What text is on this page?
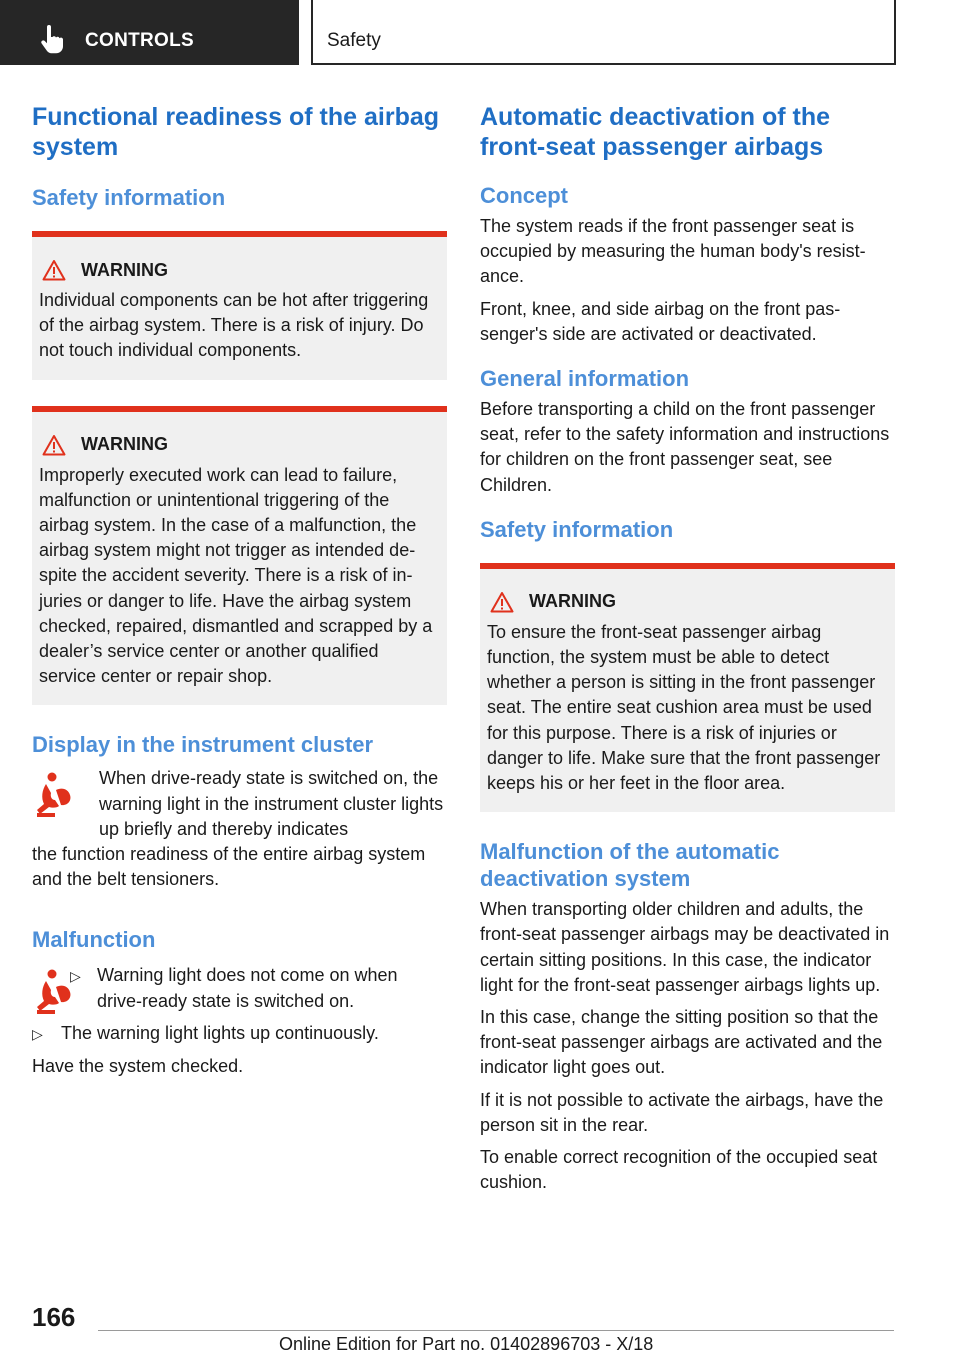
CONTROLS	Safety
Functional readiness of the airbag system
Safety information
WARNING

Individual components can be hot after triggering of the airbag system. There is a risk of injury. Do not touch individual components.

WARNING

Improperly executed work can lead to failure, malfunction or unintentional triggering of the airbag system. In the case of a malfunction, the airbag system might not trigger as intended despite the accident severity. There is a risk of injuries or danger to life. Have the airbag system checked, repaired, dismantled and scrapped by a dealer’s service center or another qualified service center or repair shop.

Display in the instrument cluster

When drive-ready state is switched on, the warning light in the instrument cluster lights up briefly and thereby indicates

the function readiness of the entire airbag system and the belt tensioners.

Malfunction
▷ Warning light does not come on when drive-ready state is switched on.
▷	The warning light lights up continuously.

Have the system checked.

Automatic deactivation of the front-seat passenger airbags
Concept

The system reads if the front passenger seat is occupied by measuring the human body's resistance.

Front, knee, and side airbag on the front passenger's side are activated or deactivated.

General information

Before transporting a child on the front passenger seat, refer to the safety information and instructions for children on the front passenger seat, see Children.

Safety information
WARNING

To ensure the front-seat passenger airbag function, the system must be able to detect whether a person is sitting in the front passenger seat. The entire seat cushion area must be used for this purpose. There is a risk of injuries or danger to life. Make sure that the front passenger keeps his or her feet in the floor area.

Malfunction of the automatic deactivation system

When transporting older children and adults, the front-seat passenger airbags may be deactivated in certain sitting positions. In this case, the indicator light for the front-seat passenger airbags lights up.

In this case, change the sitting position so that the front-seat passenger airbags are activated and the indicator light goes out.

If it is not possible to activate the airbags, have the person sit in the rear.

To enable correct recognition of the occupied seat cushion.

166
Online Edition for Part no. 01402896703 - X/18
